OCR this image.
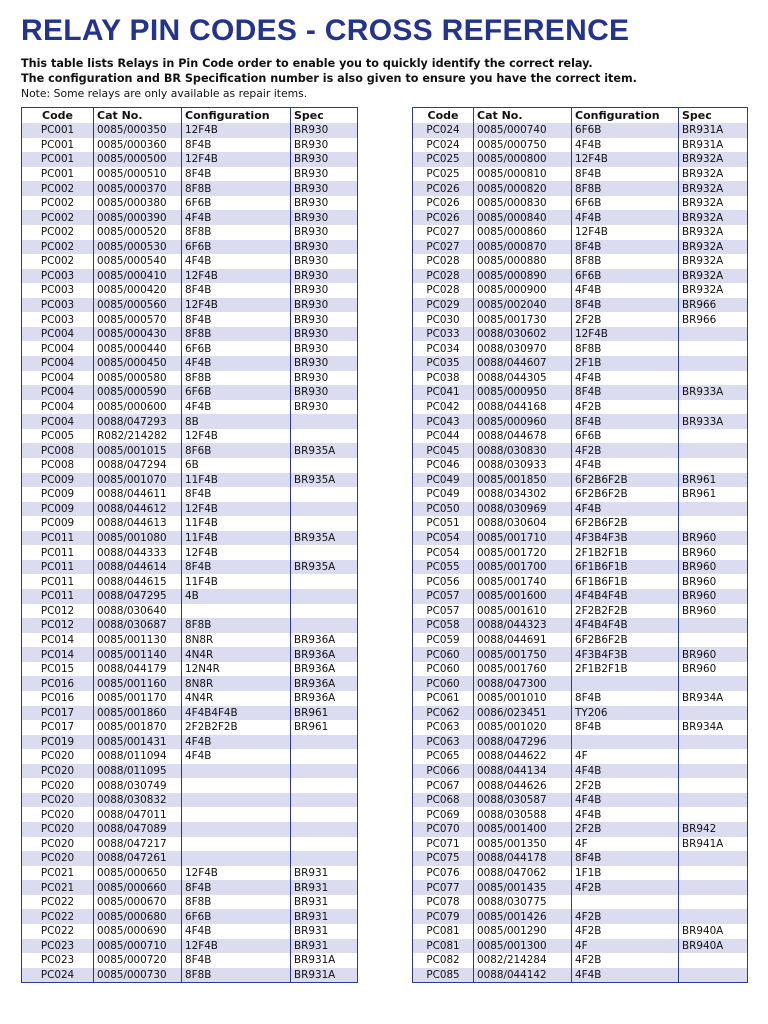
RELAY PIN CODES - CROSS REFERENCE
This table lists Relays in Pin Code order to enable you to quickly identify the correct relay.
The configuration and BR Specification number is also given to ensure you have the correct item.
Note: Some relays are only available as repair items.
Code	Cat No.	Configuration	Spec
PC001	0085/000350	12F4B	BR930
PC001	0085/000360	8F4B	BR930
PC001	0085/000500	12F4B	BR930
PC001	0085/000510	8F4B	BR930
PC002	0085/000370	8F8B	BR930
PC002	0085/000380	6F6B	BR930
PC002	0085/000390	4F4B	BR930
PC002	0085/000520	8F8B	BR930
PC002	0085/000530	6F6B	BR930
PC002	0085/000540	4F4B	BR930
PC003	0085/000410	12F4B	BR930
PC003	0085/000420	8F4B	BR930
PC003	0085/000560	12F4B	BR930
PC003	0085/000570	8F4B	BR930
PC004	0085/000430	8F8B	BR930
PC004	0085/000440	6F6B	BR930
PC004	0085/000450	4F4B	BR930
PC004	0085/000580	8F8B	BR930
PC004	0085/000590	6F6B	BR930
PC004	0085/000600	4F4B	BR930
PC004	0088/047293	8B	
PC005	R082/214282	12F4B	
PC008	0085/001015	8F6B	BR935A
PC008	0088/047294	6B	
PC009	0085/001070	11F4B	BR935A
PC009	0088/044611	8F4B	
PC009	0088/044612	12F4B	
PC009	0088/044613	11F4B	
PC011	0085/001080	11F4B	BR935A
PC011	0088/044333	12F4B	
PC011	0088/044614	8F4B	BR935A
PC011	0088/044615	11F4B	
PC011	0088/047295	4B	
PC012	0088/030640		
PC012	0088/030687	8F8B	
PC014	0085/001130	8N8R	BR936A
PC014	0085/001140	4N4R	BR936A
PC015	0088/044179	12N4R	BR936A
PC016	0085/001160	8N8R	BR936A
PC016	0085/001170	4N4R	BR936A
PC017	0085/001860	4F4B4F4B	BR961
PC017	0085/001870	2F2B2F2B	BR961
PC019	0085/001431	4F4B	
PC020	0088/011094	4F4B	
PC020	0088/011095		
PC020	0088/030749		
PC020	0088/030832		
PC020	0088/047011		
PC020	0088/047089		
PC020	0088/047217		
PC020	0088/047261		
PC021	0085/000650	12F4B	BR931
PC021	0085/000660	8F4B	BR931
PC022	0085/000670	8F8B	BR931
PC022	0085/000680	6F6B	BR931
PC022	0085/000690	4F4B	BR931
PC023	0085/000710	12F4B	BR931
PC023	0085/000720	8F4B	BR931A
PC024	0085/000730	8F8B	BR931A
Code	Cat No.	Configuration	Spec
PC024	0085/000740	6F6B	BR931A
PC024	0085/000750	4F4B	BR931A
PC025	0085/000800	12F4B	BR932A
PC025	0085/000810	8F4B	BR932A
PC026	0085/000820	8F8B	BR932A
PC026	0085/000830	6F6B	BR932A
PC026	0085/000840	4F4B	BR932A
PC027	0085/000860	12F4B	BR932A
PC027	0085/000870	8F4B	BR932A
PC028	0085/000880	8F8B	BR932A
PC028	0085/000890	6F6B	BR932A
PC028	0085/000900	4F4B	BR932A
PC029	0085/002040	8F4B	BR966
PC030	0085/001730	2F2B	BR966
PC033	0088/030602	12F4B	
PC034	0088/030970	8F8B	
PC035	0088/044607	2F1B	
PC038	0088/044305	4F4B	
PC041	0085/000950	8F4B	BR933A
PC042	0088/044168	4F2B	
PC043	0085/000960	8F4B	BR933A
PC044	0088/044678	6F6B	
PC045	0088/030830	4F2B	
PC046	0088/030933	4F4B	
PC049	0085/001850	6F2B6F2B	BR961
PC049	0088/034302	6F2B6F2B	BR961
PC050	0088/030969	4F4B	
PC051	0088/030604	6F2B6F2B	
PC054	0085/001710	4F3B4F3B	BR960
PC054	0085/001720	2F1B2F1B	BR960
PC055	0085/001700	6F1B6F1B	BR960
PC056	0085/001740	6F1B6F1B	BR960
PC057	0085/001600	4F4B4F4B	BR960
PC057	0085/001610	2F2B2F2B	BR960
PC058	0088/044323	4F4B4F4B	
PC059	0088/044691	6F2B6F2B	
PC060	0085/001750	4F3B4F3B	BR960
PC060	0085/001760	2F1B2F1B	BR960
PC060	0088/047300		
PC061	0085/001010	8F4B	BR934A
PC062	0086/023451	TY206	
PC063	0085/001020	8F4B	BR934A
PC063	0088/047296		
PC065	0088/044622	4F	
PC066	0088/044134	4F4B	
PC067	0088/044626	2F2B	
PC068	0088/030587	4F4B	
PC069	0088/030588	4F4B	
PC070	0085/001400	2F2B	BR942
PC071	0085/001350	4F	BR941A
PC075	0088/044178	8F4B	
PC076	0088/047062	1F1B	
PC077	0085/001435	4F2B	
PC078	0088/030775		
PC079	0085/001426	4F2B	
PC081	0085/001290	4F2B	BR940A
PC081	0085/001300	4F	BR940A
PC082	0082/214284	4F2B	
PC085	0088/044142	4F4B	
